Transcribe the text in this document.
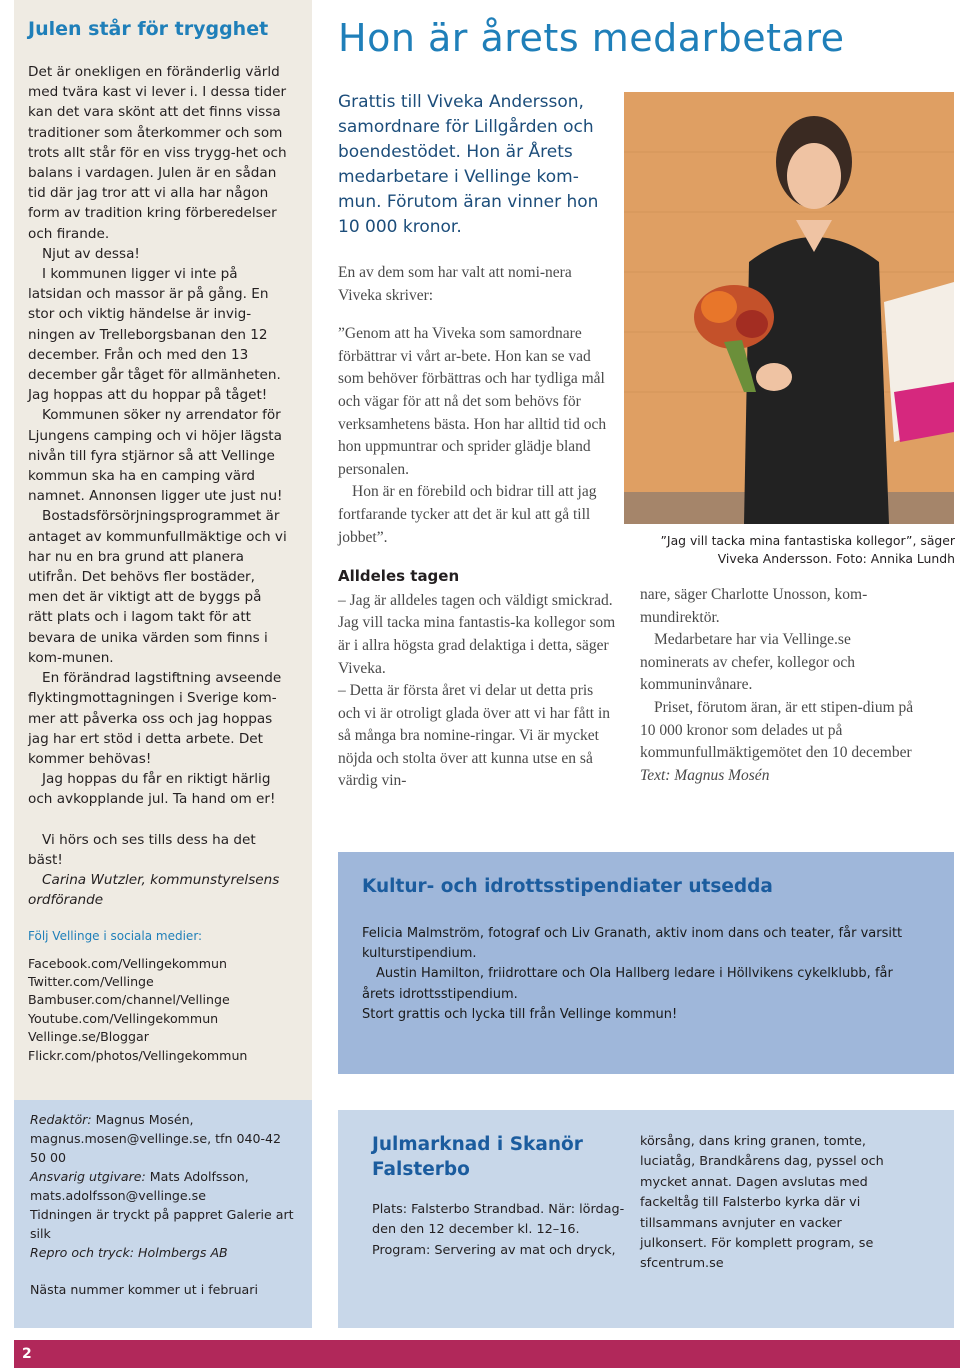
Julen står för trygghet

Det är onekligen en föränderlig värld med tvära kast vi lever i. I dessa tider kan det vara skönt att det finns vissa traditioner som återkommer och som trots allt står för en viss trygg-het och balans i vardagen. Julen är en sådan tid där jag tror att vi alla har någon form av tradition kring förberedelser och firande.

Njut av dessa!

I kommunen ligger vi inte på latsidan och massor är på gång. En stor och viktig händelse är invig-ningen av Trelleborgsbanan den 12 december. Från och med den 13 december går tåget för allmänheten. Jag hoppas att du hoppar på tåget!

Kommunen söker ny arrendator för Ljungens camping och vi höjer lägsta nivån till fyra stjärnor så att Vellinge kommun ska ha en camping värd namnet. Annonsen ligger ute just nu!

Bostadsförsörjningsprogrammet är antaget av kommunfullmäktige och vi har nu en bra grund att planera utifrån. Det behövs fler bostäder, men det är viktigt att de byggs på rätt plats och i lagom takt för att bevara de unika värden som finns i kom-munen.

En förändrad lagstiftning avseende flyktingmottagningen i Sverige kom-mer att påverka oss och jag hoppas jag har ert stöd i detta arbete. Det kommer behövas!

Jag hoppas du får en riktigt härlig och avkopplande jul. Ta hand om er!

Vi hörs och ses tills dess ha det bäst!

Carina Wutzler, kommunstyrelsens ordförande

Följ Vellinge i sociala medier:

Facebook.com/Vellingekommun

Twitter.com/Vellinge

Bambuser.com/channel/Vellinge

Youtube.com/Vellingekommun

Vellinge.se/Bloggar

Flickr.com/photos/Vellingekommun

Redaktör: Magnus Mosén, magnus.mosen@vellinge.se, tfn 040-42 50 00

Ansvarig utgivare: Mats Adolfsson, mats.adolfsson@vellinge.se

Tidningen är tryckt på pappret Galerie art silk

Repro och tryck: Holmbergs AB

Nästa nummer kommer ut i februari

Hon är årets medarbetare
Grattis till Viveka Andersson, samordnare för Lillgården och boendestödet. Hon är Årets medarbetare i Vellinge kom-mun. Förutom äran vinner hon 10 000 kronor.

En av dem som har valt att nomi-nera Viveka skriver:

”Genom att ha Viveka som samordnare förbättrar vi vårt ar-bete. Hon kan se vad som behöver förbättras och har tydliga mål och vägar för att nå det som behövs för verksamhetens bästa. Hon har alltid tid och hon uppmuntrar och sprider glädje bland personalen.

Hon är en förebild och bidrar till att jag fortfarande tycker att det är kul att gå till jobbet”.

Alldeles tagen

– Jag är alldeles tagen och väldigt smickrad. Jag vill tacka mina fantastis-ka kollegor som är i allra högsta grad delaktiga i detta, säger Viveka.

– Detta är första året vi delar ut detta pris och vi är otroligt glada över att vi har fått in så många bra nomine-ringar. Vi är mycket nöjda och stolta över att kunna utse en så värdig vin-

”Jag vill tacka mina fantastiska kollegor”, säger Viveka Andersson. Foto: Annika Lundh

nare, säger Charlotte Unosson, kom-mundirektör.

Medarbetare har via Vellinge.se nominerats av chefer, kollegor och kommuninvånare.

Priset, förutom äran, är ett stipen-dium på 10 000 kronor som delades ut på kommunfullmäktigemötet den 10 december Text: Magnus Mosén

Kultur- och idrottsstipendiater utsedda

Felicia Malmström, fotograf och Liv Granath, aktiv inom dans och teater, får varsitt kulturstipendium.

Austin Hamilton, friidrottare och Ola Hallberg ledare i Höllvikens cykelklubb, får årets idrottsstipendium.

Stort grattis och lycka till från Vellinge kommun!

Julmarknad i Skanör Falsterbo
Plats: Falsterbo Strandbad. När: lördag-den den 12 december kl. 12–16. Program: Servering av mat och dryck,
körsång, dans kring granen, tomte, luciatåg, Brandkårens dag, pyssel och mycket annat. Dagen avslutas med fackeltåg till Falsterbo kyrka där vi tillsammans avnjuter en vacker julkonsert. För komplett program, se sfcentrum.se
2
